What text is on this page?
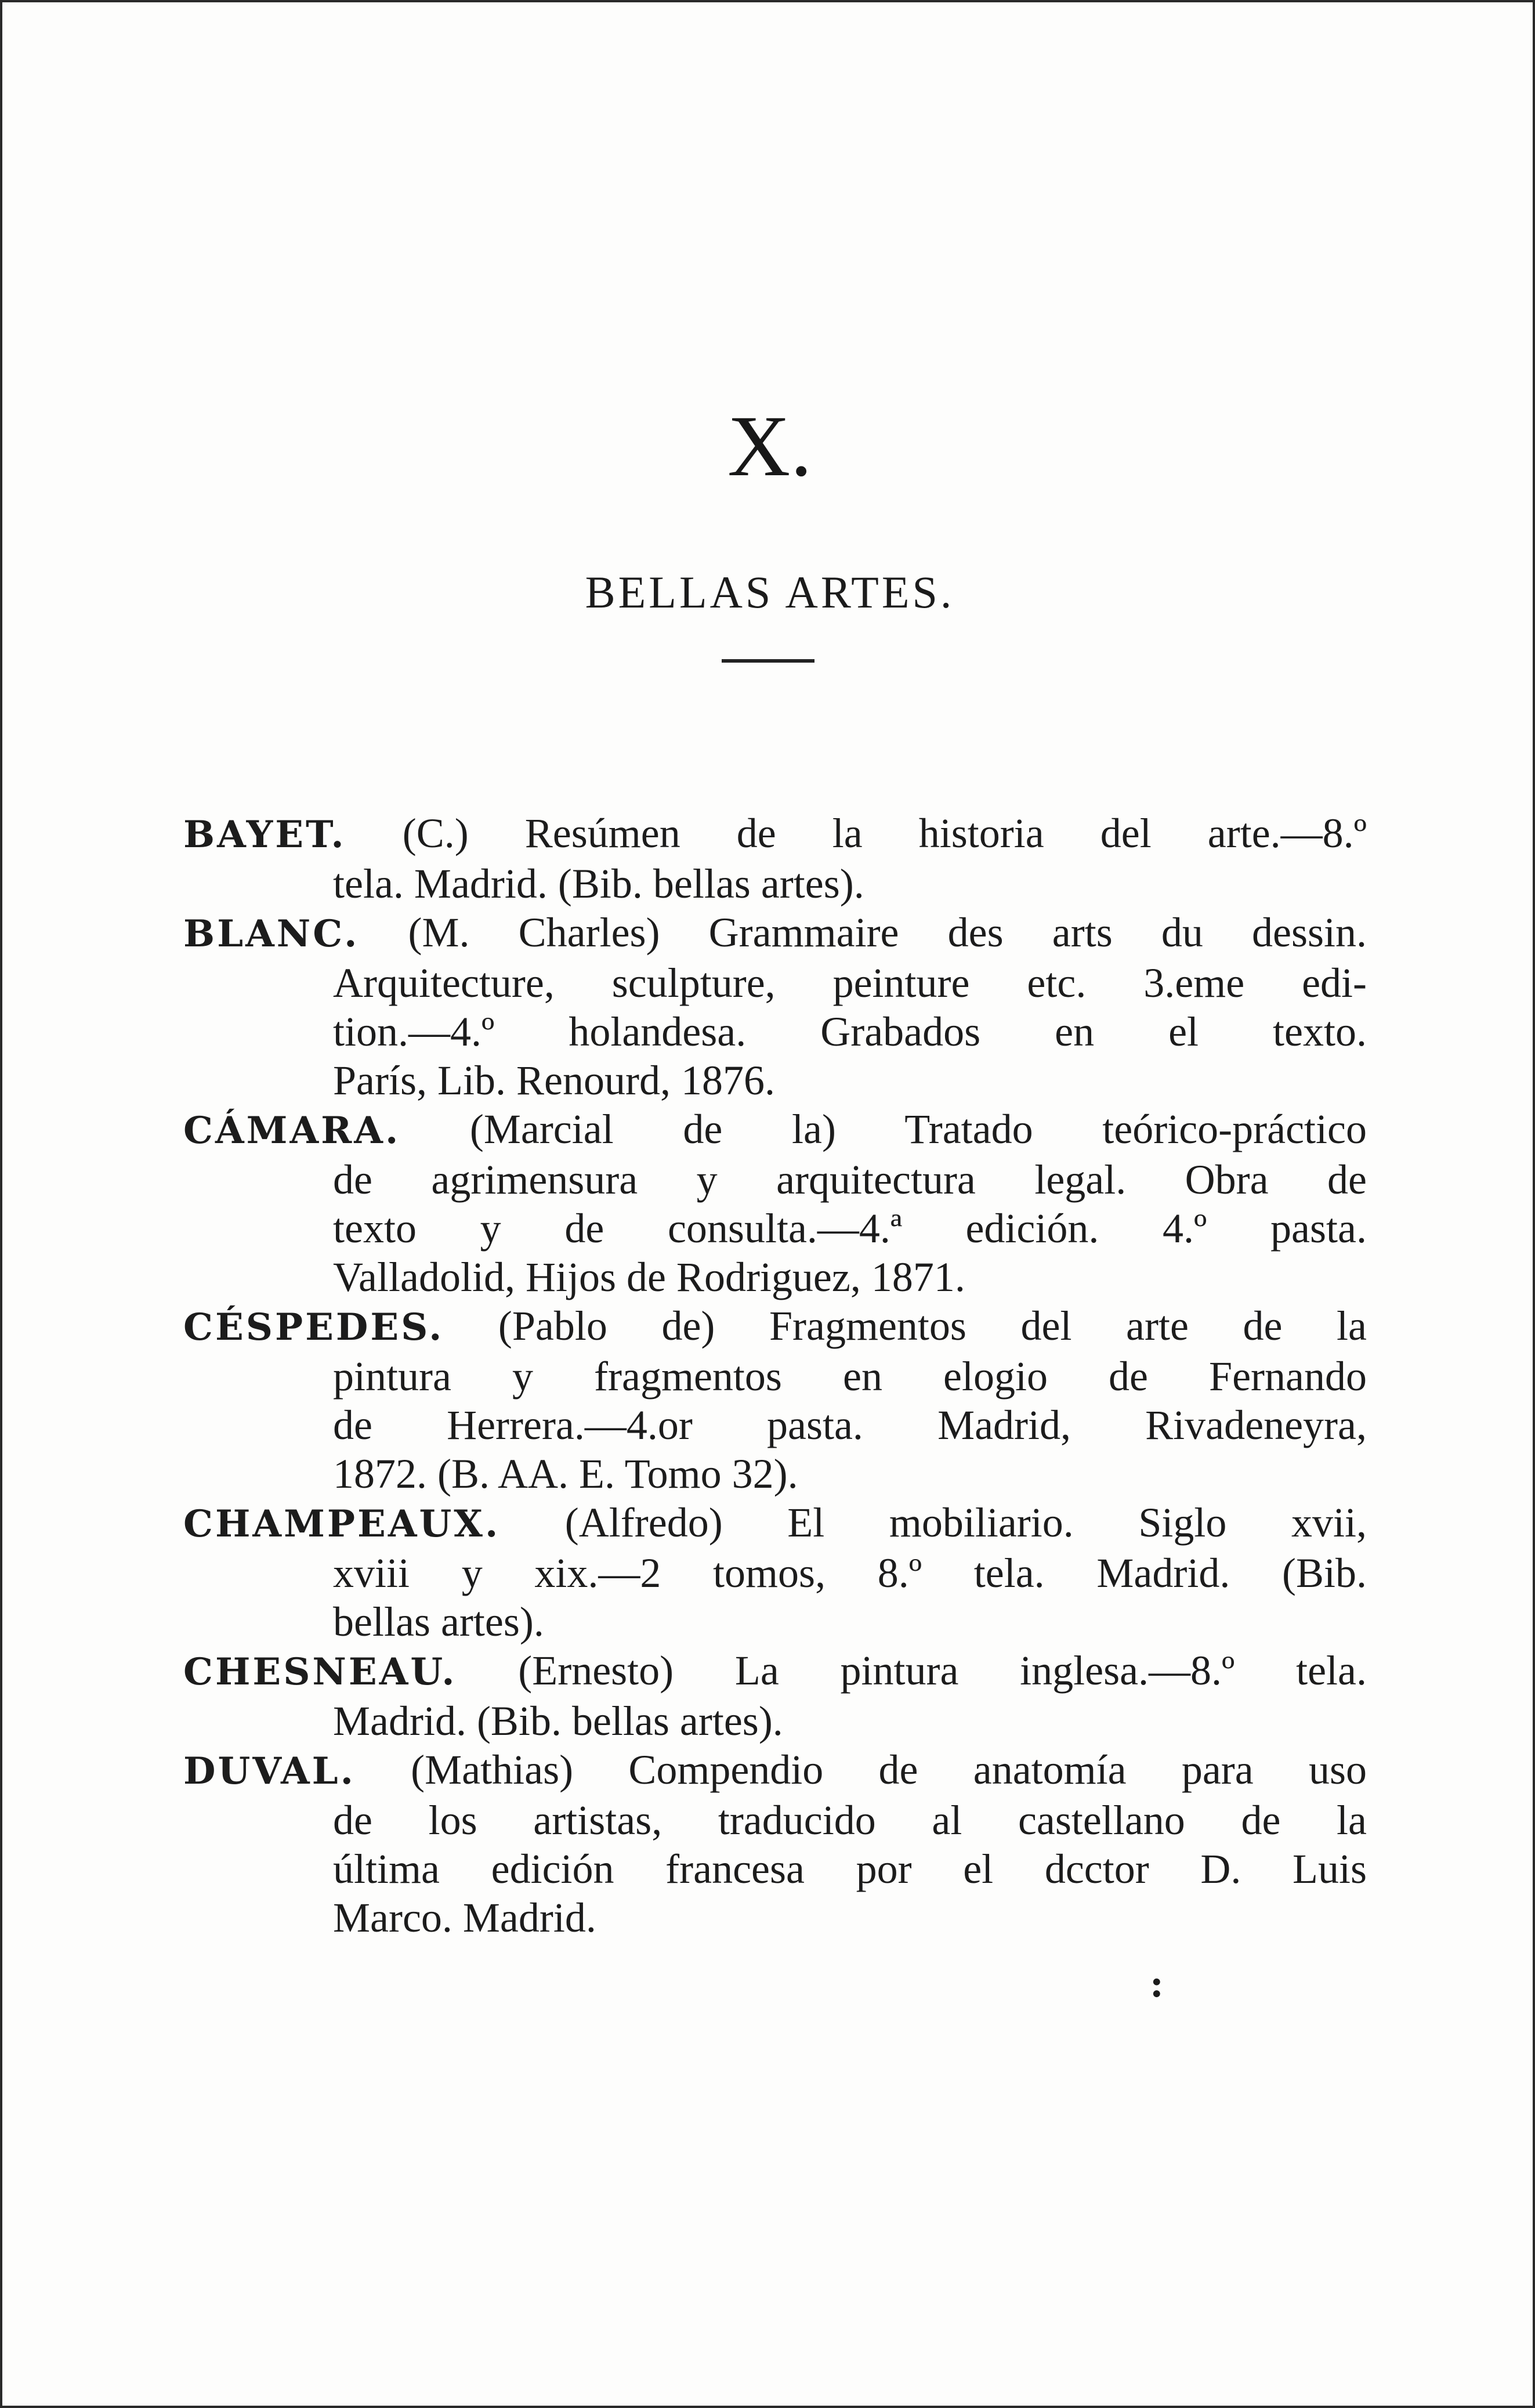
X.
BELLAS ARTES.
BAYET. (C.) Resúmen de la historia del arte.—8.º
tela. Madrid. (Bib. bellas artes).
BLANC. (M. Charles) Grammaire des arts du dessin.
Arquitecture, sculpture, peinture etc. 3.eme edi-
tion.—4.º holandesa. Grabados en el texto.
París, Lib. Renourd, 1876.
CÁMARA. (Marcial de la) Tratado teórico-práctico
de agrimensura y arquitectura legal. Obra de
texto y de consulta.—4.ª edición. 4.º pasta.
Valladolid, Hijos de Rodriguez, 1871.
CÉSPEDES. (Pablo de) Fragmentos del arte de la
pintura y fragmentos en elogio de Fernando
de Herrera.—4.or pasta. Madrid, Rivadeneyra,
1872. (B. AA. E. Tomo 32).
CHAMPEAUX. (Alfredo) El mobiliario. Siglo xvii,
xviii y xix.—2 tomos, 8.º tela. Madrid. (Bib.
bellas artes).
CHESNEAU. (Ernesto) La pintura inglesa.—8.º tela.
Madrid. (Bib. bellas artes).
DUVAL. (Mathias) Compendio de anatomía para uso
de los artistas, traducido al castellano de la
última edición francesa por el dcctor D. Luis
Marco. Madrid.
:
